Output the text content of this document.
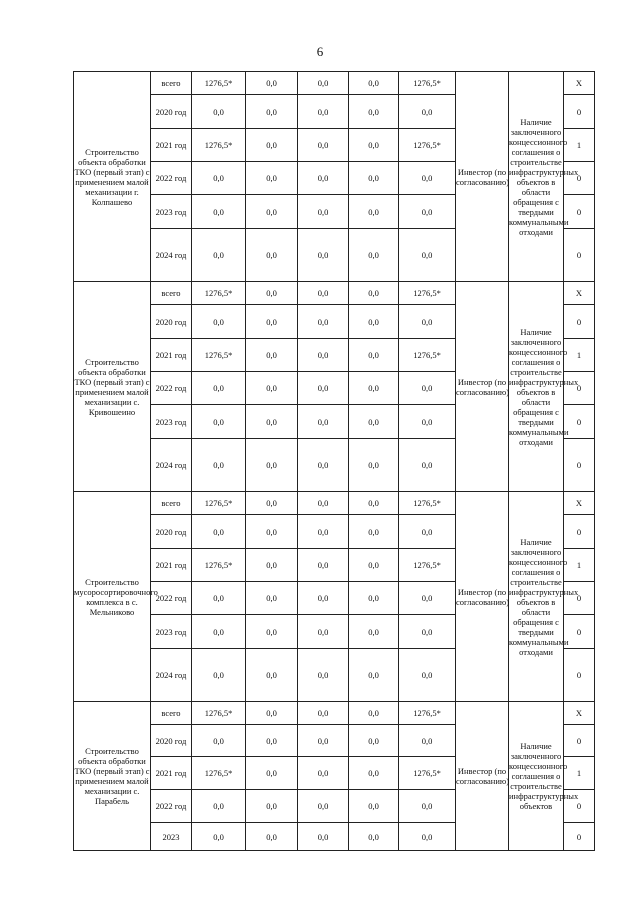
6
Строительство объекта обработки ТКО (первый этап) с применением малой механизации г. Колпашево	всего	1276,5*	0,0	0,0	0,0	1276,5*	Инвестор (по согласованию)	Наличие заключенного концессионного соглашения о строительстве инфраструктурных объектов в области обращения с твердыми коммунальными отходами	Х
	2020 год	0,0	0,0	0,0	0,0	0,0			0
	2021 год	1276,5*	0,0	0,0	0,0	1276,5*			1
	2022 год	0,0	0,0	0,0	0,0	0,0			0
	2023 год	0,0	0,0	0,0	0,0	0,0			0
	2024 год	0,0	0,0	0,0	0,0	0,0			0
Строительство объекта обработки ТКО (первый этап) с применением малой механизации с. Кривошеино	всего	1276,5*	0,0	0,0	0,0	1276,5*	Инвестор (по согласованию)	Наличие заключенного концессионного соглашения о строительстве инфраструктурных объектов в области обращения с твердыми коммунальными отходами	Х
	2020 год	0,0	0,0	0,0	0,0	0,0			0
	2021 год	1276,5*	0,0	0,0	0,0	1276,5*			1
	2022 год	0,0	0,0	0,0	0,0	0,0			0
	2023 год	0,0	0,0	0,0	0,0	0,0			0
	2024 год	0,0	0,0	0,0	0,0	0,0			0
Строительство мусоросортировочного комплекса в с. Мельниково	всего	1276,5*	0,0	0,0	0,0	1276,5*	Инвестор (по согласованию)	Наличие заключенного концессионного соглашения о строительстве инфраструктурных объектов в области обращения с твердыми коммунальными отходами	Х
	2020 год	0,0	0,0	0,0	0,0	0,0			0
	2021 год	1276,5*	0,0	0,0	0,0	1276,5*			1
	2022 год	0,0	0,0	0,0	0,0	0,0			0
	2023 год	0,0	0,0	0,0	0,0	0,0			0
	2024 год	0,0	0,0	0,0	0,0	0,0			0
Строительство объекта обработки ТКО (первый этап) с применением малой механизации с. Парабель	всего	1276,5*	0,0	0,0	0,0	1276,5*	Инвестор (по согласованию)	Наличие заключенного концессионного соглашения о строительстве инфраструктурных объектов	Х
	2020 год	0,0	0,0	0,0	0,0	0,0			0
	2021 год	1276,5*	0,0	0,0	0,0	1276,5*			1
	2022 год	0,0	0,0	0,0	0,0	0,0			0
	2023	0,0	0,0	0,0	0,0	0,0			0
